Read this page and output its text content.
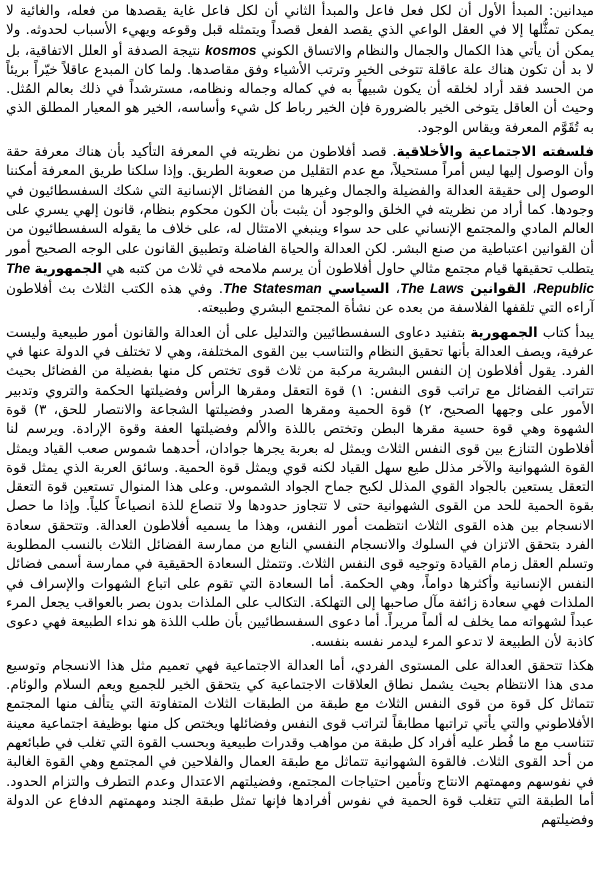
ميدانين: المبدأ الأول أن لكل فعل فاعل والمبدأ الثاني أن لكل فاعل غاية يقصدها من فعله، والغائية لا يمكن تمثُّلها إلا في العقل الواعي الذي يقصد الفعل قصداً ويتمثله قبل وقوعه ويهيء الأسباب لحدوثه. ولا يمكن أن يأتي هذا الكمال والجمال والنظام والاتساق الكوني kosmos نتيجة الصدفة أو العلل الاتفاقية، بل لا بد أن تكون هناك علة عاقلة تتوخى الخير وترتب الأشياء وفق مقاصدها. ولما كان المبدع عاقلاً خيّراً بريئاً من الحسد فقد أراد لخلقه أن يكون شبيهاً به في كماله وجماله ونظامه، مسترشداً في ذلك بعالم المُثل. وحيث أن العاقل يتوخى الخير بالضرورة فإن الخير رباط كل شيء وأساسه، الخير هو المعيار المطلق الذي به تُقَوَّم المعرفة ويقاس الوجود.

فلسفته الاجتماعية والأخلاقية. قصد أفلاطون من نظريته في المعرفة التأكيد بأن هناك معرفة حقة وأن الوصول إليها ليس أمراً مستحيلاً، مع عدم التقليل من صعوبة الطريق. وإذا سلكنا طريق المعرفة أمكننا الوصول إلى حقيقة العدالة والفضيلة والجمال وغيرها من الفضائل الإنسانية التي شكك السفسطائيون في وجودها. كما أراد من نظريته في الخلق والوجود أن يثبت بأن الكون محكوم بنظام، قانون إلهي يسري على العالم المادي والمجتمع الإنساني على حد سواء وينبغي الامتثال له، على خلاف ما يقوله السفسطائيون من أن القوانين اعتباطية من صنع البشر. لكن العدالة والحياة الفاضلة وتطبيق القانون على الوجه الصحيح أمور يتطلب تحقيقها قيام مجتمع مثالي حاول أفلاطون أن يرسم ملامحه في ثلاث من كتبه هي الجمهورية The Republic، القوانين The Laws، السياسي The Statesman. وفي هذه الكتب الثلاث بث أفلاطون آراءه التي تلقفها الفلاسفة من بعده عن نشأة المجتمع البشري وطبيعته.

يبدأ كتاب الجمهورية بتفنيد دعاوى السفسطائيين والتدليل على أن العدالة والقانون أمور طبيعية وليست عرفية، ويصف العدالة بأنها تحقيق النظام والتناسب بين القوى المختلفة، وهي لا تختلف في الدولة عنها في الفرد. يقول أفلاطون إن النفس البشرية مركبة من ثلاث قوى تختص كل منها بفضيلة من الفضائل بحيث تتراتب الفضائل مع تراتب قوى النفس: ١) قوة التعقل ومقرها الرأس وفضيلتها الحكمة والتروي وتدبير الأمور على وجهها الصحيح، ٢) قوة الحمية ومقرها الصدر وفضيلتها الشجاعة والانتصار للحق، ٣) قوة الشهوة وهي قوة حسية مقرها البطن وتختص باللذة والألم وفضيلتها العفة وقوة الإرادة. ويرسم لنا أفلاطون التنازع بين قوى النفس الثلاث ويمثل له بعربة يجرها جوادان، أحدهما شموس صعب القياد ويمثل القوة الشهوانية والآخر مذلل طيع سهل القياد لكنه قوي ويمثل قوة الحمية. وسائق العربة الذي يمثل قوة التعقل يستعين بالجواد القوي المذلل لكبح جماح الجواد الشموس. وعلى هذا المنوال تستعين قوة التعقل بقوة الحمية للحد من القوى الشهوانية حتى لا تتجاوز حدودها ولا تنصاع للذة انصياعاً كلياً. وإذا ما حصل الانسجام بين هذه القوى الثلاث انتظمت أمور النفس، وهذا ما يسميه أفلاطون العدالة. وتتحقق سعادة الفرد بتحقق الاتزان في السلوك والانسجام النفسي النابع من ممارسة الفضائل الثلاث بالنسب المطلوبة وتسلم العقل زمام القيادة وتوجيه قوى النفس الثلاث. وتتمثل السعادة الحقيقية في ممارسة أسمى فضائل النفس الإنسانية وأكثرها دواماً، وهي الحكمة. أما السعادة التي تقوم على اتباع الشهوات والإسراف في الملذات فهي سعادة زائفة مآل صاحبها إلى التهلكة. التكالب على الملذات بدون بصر بالعواقب يجعل المرء عبداً لشهواته مما يخلف له ألماً مريراً. أما دعوى السفسطائيين بأن طلب اللذة هو نداء الطبيعة فهي دعوى كاذبة لأن الطبيعة لا تدعو المرء ليدمر نفسه بنفسه.

هكذا تتحقق العدالة على المستوى الفردي، أما العدالة الاجتماعية فهي تعميم مثل هذا الانسجام وتوسيع مدى هذا الانتظام بحيث يشمل نطاق العلاقات الاجتماعية كي يتحقق الخير للجميع ويعم السلام والوئام. تتماثل كل قوة من قوى النفس الثلاث مع طبقة من الطبقات الثلاث المتفاوتة التي يتألف منها المجتمع الأفلاطوني والتي يأتي تراتبها مطابقاً لتراتب قوى النفس وفضائلها ويختص كل منها بوظيفة اجتماعية معينة تتناسب مع ما فُطر عليه أفراد كل طبقة من مواهب وقدرات طبيعية وبحسب القوة التي تغلب في طبائعهم من أحد القوى الثلاث. فالقوة الشهوانية تتماثل مع طبقة العمال والفلاحين في المجتمع وهي القوة الغالبة في نفوسهم ومهمتهم الانتاج وتأمين احتياجات المجتمع، وفضيلتهم الاعتدال وعدم التطرف والتزام الحدود. أما الطبقة التي تتغلب قوة الحمية في نفوس أفرادها فإنها تمثل طبقة الجند ومهمتهم الدفاع عن الدولة وفضيلتهم
